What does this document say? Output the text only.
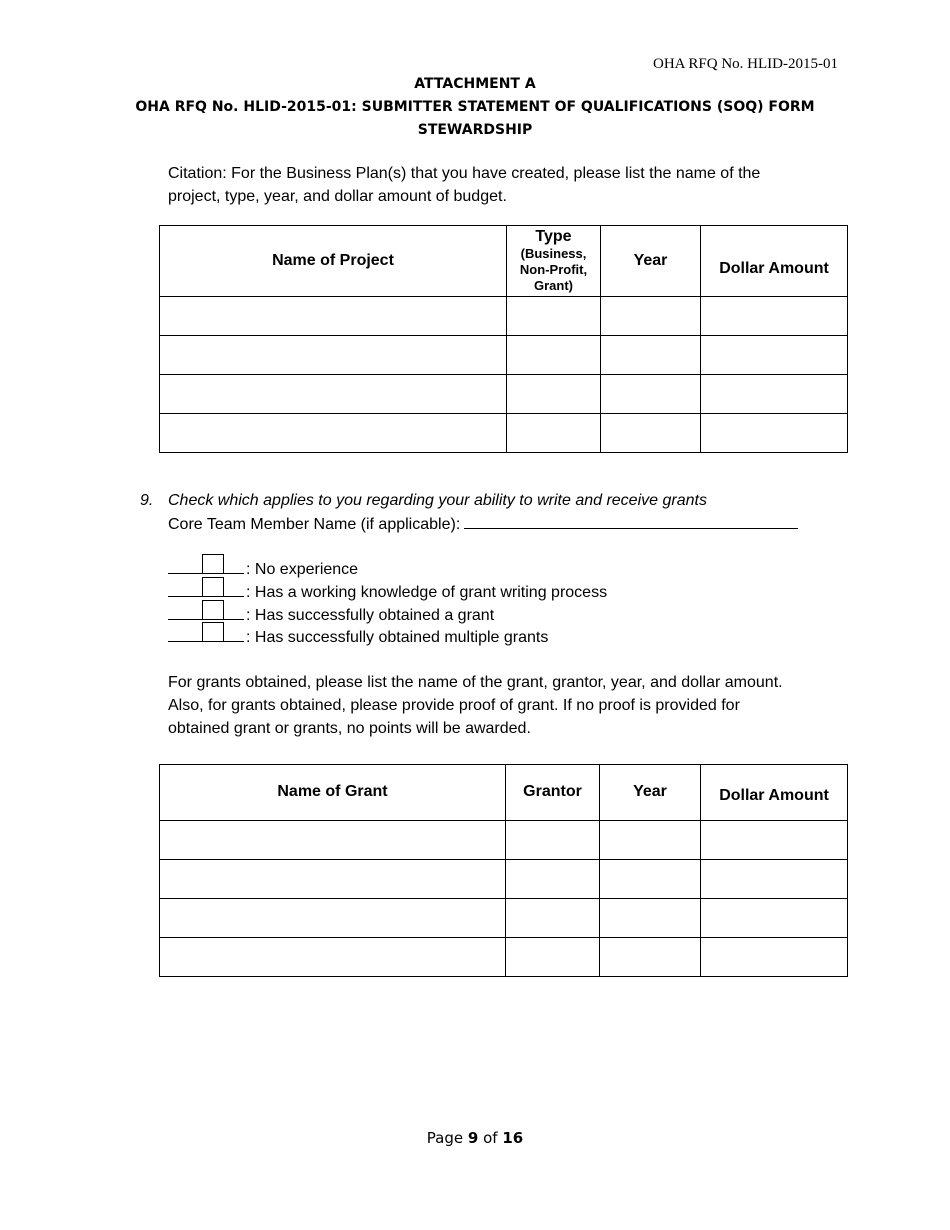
OHA RFQ No. HLID-2015-01
ATTACHMENT A
OHA RFQ No. HLID-2015-01: SUBMITTER STATEMENT OF QUALIFICATIONS (SOQ) FORM
STEWARDSHIP
Citation: For the Business Plan(s) that you have created, please list the name of the
project, type, year, and dollar amount of budget.
Name of Project	Type
(Business,
Non-Profit,
Grant)	Year	Dollar Amount

9. Check which applies to you regarding your ability to write and receive grants
Core Team Member Name (if applicable):
: No experience
: Has a working knowledge of grant writing process
: Has successfully obtained a grant
: Has successfully obtained multiple grants
For grants obtained, please list the name of the grant, grantor, year, and dollar amount.
Also, for grants obtained, please provide proof of grant. If no proof is provided for
obtained grant or grants, no points will be awarded.
Name of Grant	Grantor	Year	Dollar Amount

Page 9 of 16
